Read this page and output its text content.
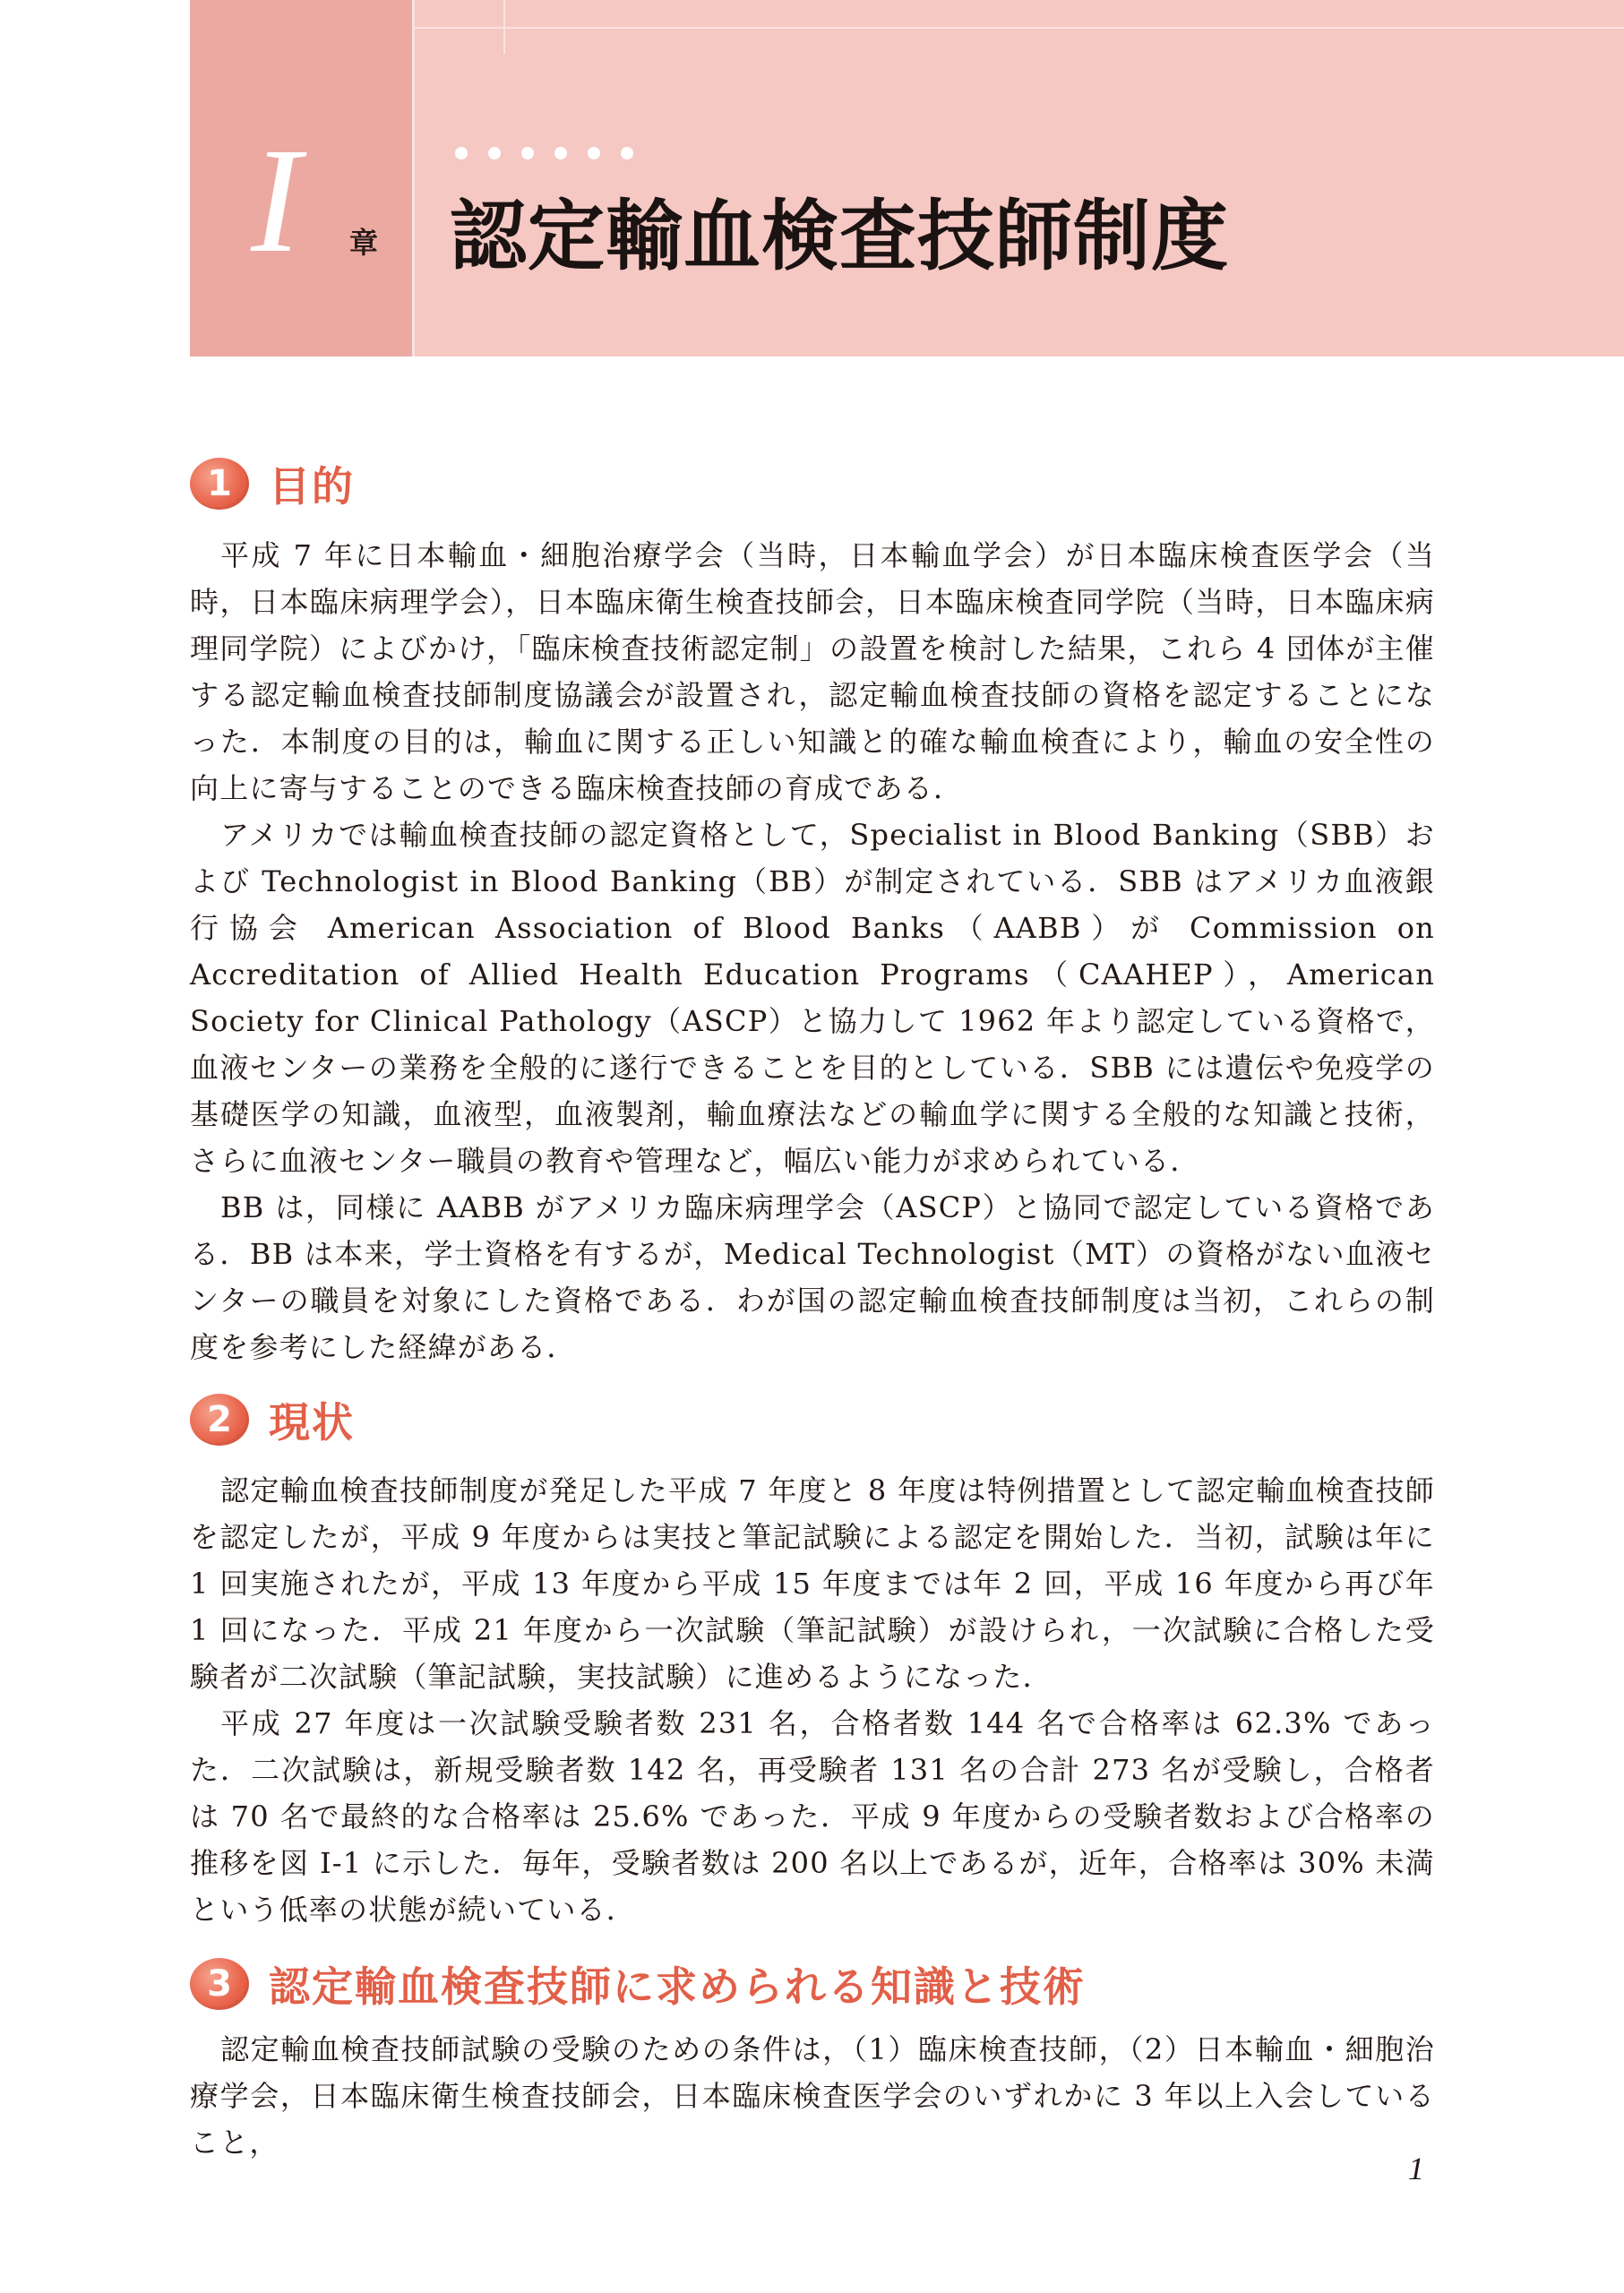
I 章 認定輸血検査技師制度
1 目的

平成 7 年に日本輸血・細胞治療学会（当時，日本輸血学会）が日本臨床検査医学会（当時，日本臨床病理学会），日本臨床衛生検査技師会，日本臨床検査同学院（当時，日本臨床病理同学院）によびかけ，「臨床検査技術認定制」の設置を検討した結果，これら 4 団体が主催する認定輸血検査技師制度協議会が設置され，認定輸血検査技師の資格を認定することになった．本制度の目的は，輸血に関する正しい知識と的確な輸血検査により，輸血の安全性の向上に寄与することのできる臨床検査技師の育成である．

アメリカでは輸血検査技師の認定資格として，Specialist in Blood Banking（SBB）および Technologist in Blood Banking（BB）が制定されている．SBB はアメリカ血液銀行協会 American Association of Blood Banks（AABB）が Commission on Accreditation of Allied Health Education Programs（CAAHEP），American Society for Clinical Pathology（ASCP）と協力して 1962 年より認定している資格で，血液センターの業務を全般的に遂行できることを目的としている．SBB には遺伝や免疫学の基礎医学の知識，血液型，血液製剤，輸血療法などの輸血学に関する全般的な知識と技術，さらに血液センター職員の教育や管理など，幅広い能力が求められている．

BB は，同様に AABB がアメリカ臨床病理学会（ASCP）と協同で認定している資格である．BB は本来，学士資格を有するが，Medical Technologist（MT）の資格がない血液センターの職員を対象にした資格である．わが国の認定輸血検査技師制度は当初，これらの制度を参考にした経緯がある．

2 現状

認定輸血検査技師制度が発足した平成 7 年度と 8 年度は特例措置として認定輸血検査技師を認定したが，平成 9 年度からは実技と筆記試験による認定を開始した．当初，試験は年に 1 回実施されたが，平成 13 年度から平成 15 年度までは年 2 回，平成 16 年度から再び年 1 回になった．平成 21 年度から一次試験（筆記試験）が設けられ，一次試験に合格した受験者が二次試験（筆記試験，実技試験）に進めるようになった．

平成 27 年度は一次試験受験者数 231 名，合格者数 144 名で合格率は 62.3% であった．二次試験は，新規受験者数 142 名，再受験者 131 名の合計 273 名が受験し，合格者は 70 名で最終的な合格率は 25.6% であった．平成 9 年度からの受験者数および合格率の推移を図 I-1 に示した．毎年，受験者数は 200 名以上であるが，近年，合格率は 30% 未満という低率の状態が続いている．

3 認定輸血検査技師に求められる知識と技術

認定輸血検査技師試験の受験のための条件は，（1）臨床検査技師，（2）日本輸血・細胞治療学会，日本臨床衛生検査技師会，日本臨床検査医学会のいずれかに 3 年以上入会していること，

1
